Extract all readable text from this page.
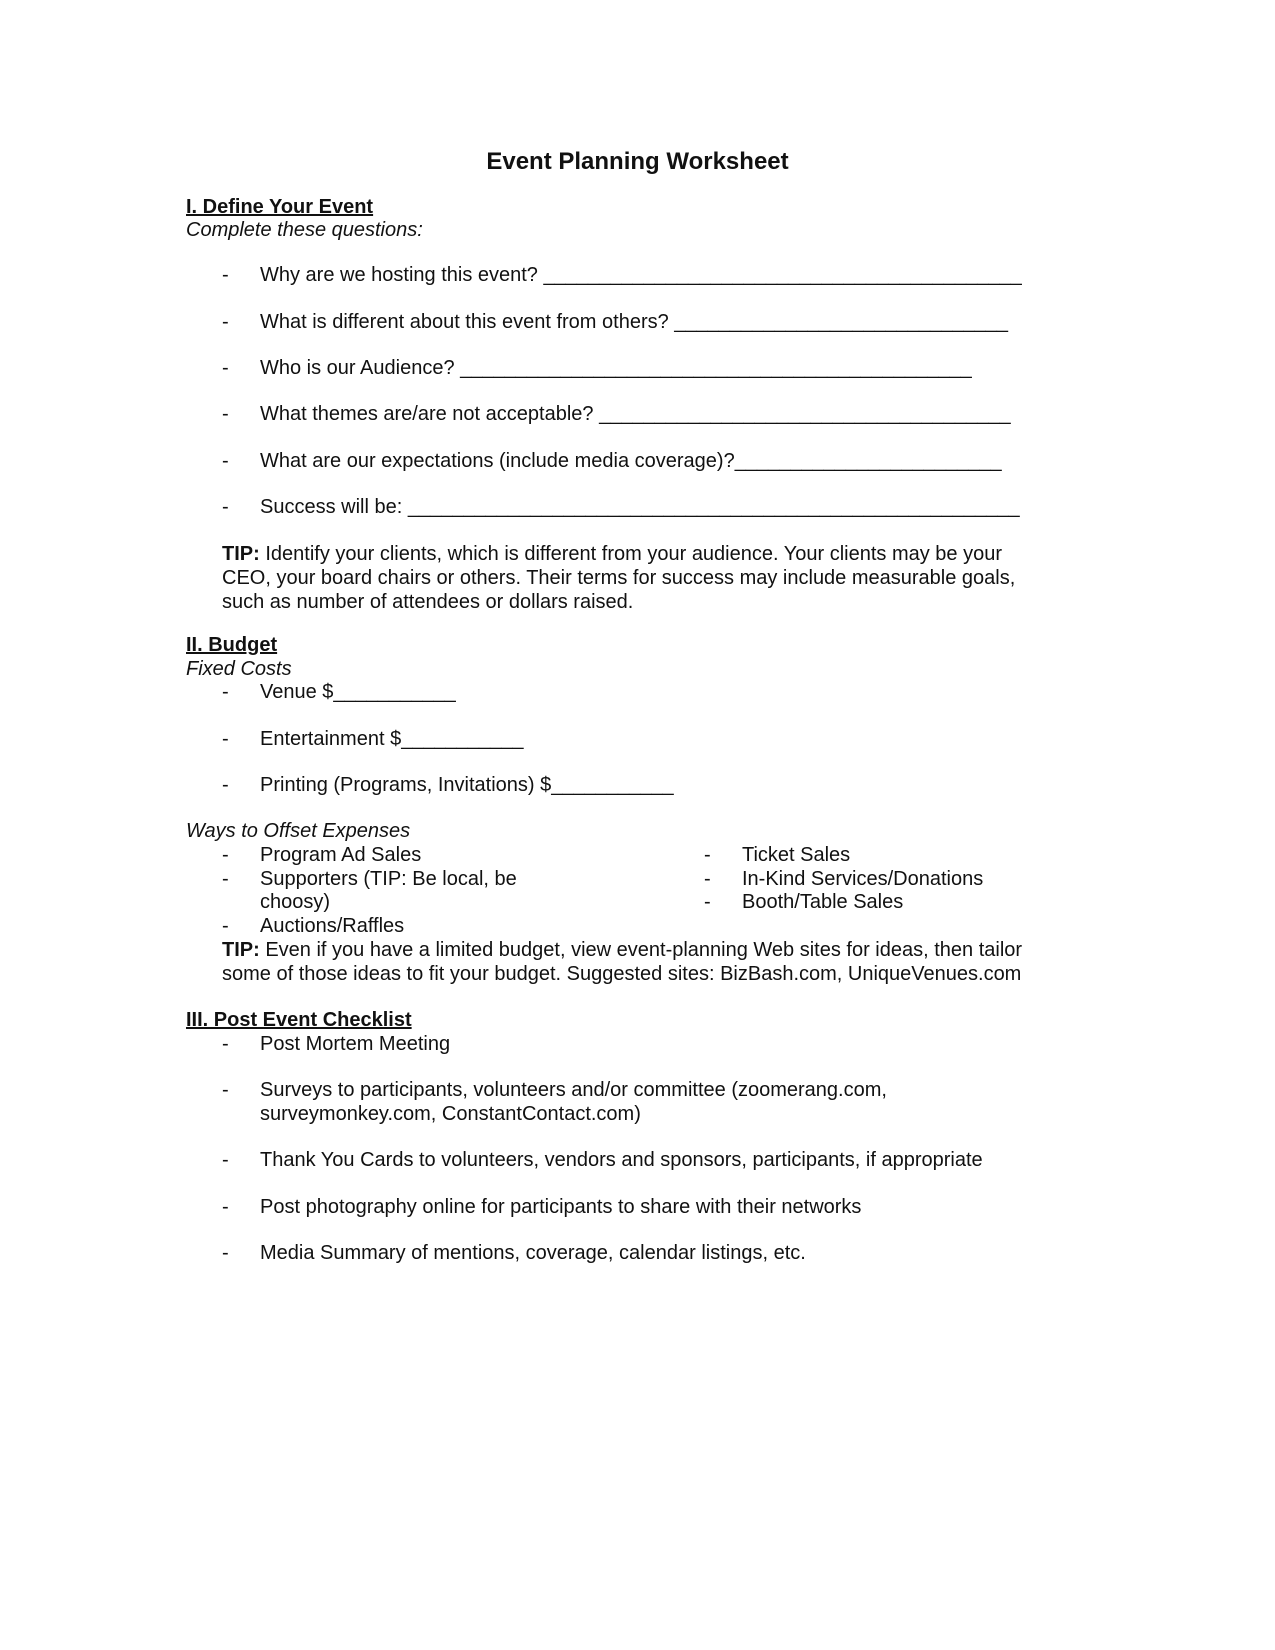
Event Planning Worksheet
I. Define Your Event
Complete these questions:
- Why are we hosting this event? ___________________________________________
- What is different about this event from others? ______________________________
- Who is our Audience? ______________________________________________
- What themes are/are not acceptable? _____________________________________
- What are our expectations (include media coverage)?________________________
- Success will be: _______________________________________________________
TIP: Identify your clients, which is different from your audience. Your clients may be your
CEO, your board chairs or others. Their terms for success may include measurable goals,
such as number of attendees or dollars raised.
II. Budget
Fixed Costs
- Venue $___________
- Entertainment $___________
- Printing (Programs, Invitations) $___________
Ways to Offset Expenses
- Program Ad Sales
- Supporters (TIP: Be local, be
choosy)
- Auctions/Raffles
- Ticket Sales
- In-Kind Services/Donations
- Booth/Table Sales
TIP: Even if you have a limited budget, view event-planning Web sites for ideas, then tailor
some of those ideas to fit your budget. Suggested sites: BizBash.com, UniqueVenues.com
III. Post Event Checklist
- Post Mortem Meeting
- Surveys to participants, volunteers and/or committee (zoomerang.com,
surveymonkey.com, ConstantContact.com)
- Thank You Cards to volunteers, vendors and sponsors, participants, if appropriate
- Post photography online for participants to share with their networks
- Media Summary of mentions, coverage, calendar listings, etc.
